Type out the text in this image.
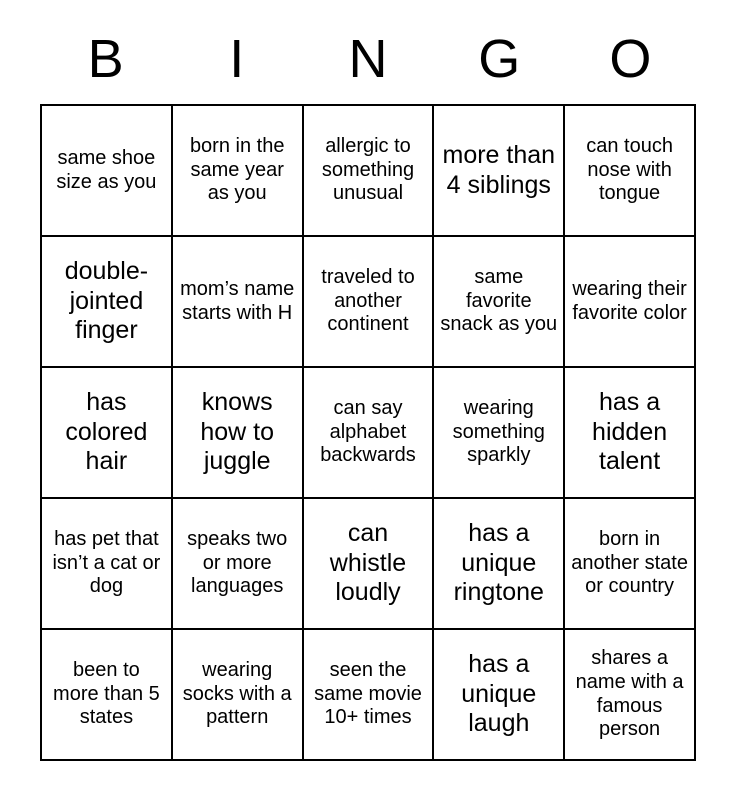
B I N G O
same shoe size as you
born in the same year as you
allergic to something unusual
more than 4 siblings
can touch nose with tongue
double-jointed finger
mom’s name starts with H
traveled to another continent
same favorite snack as you
wearing their favorite color
has colored hair
knows how to juggle
can say alphabet backwards
wearing something sparkly
has a hidden talent
has pet that isn’t a cat or dog
speaks two or more languages
can whistle loudly
has a unique ringtone
born in another state or country
been to more than 5 states
wearing socks with a pattern
seen the same movie 10+ times
has a unique laugh
shares a name with a famous person
